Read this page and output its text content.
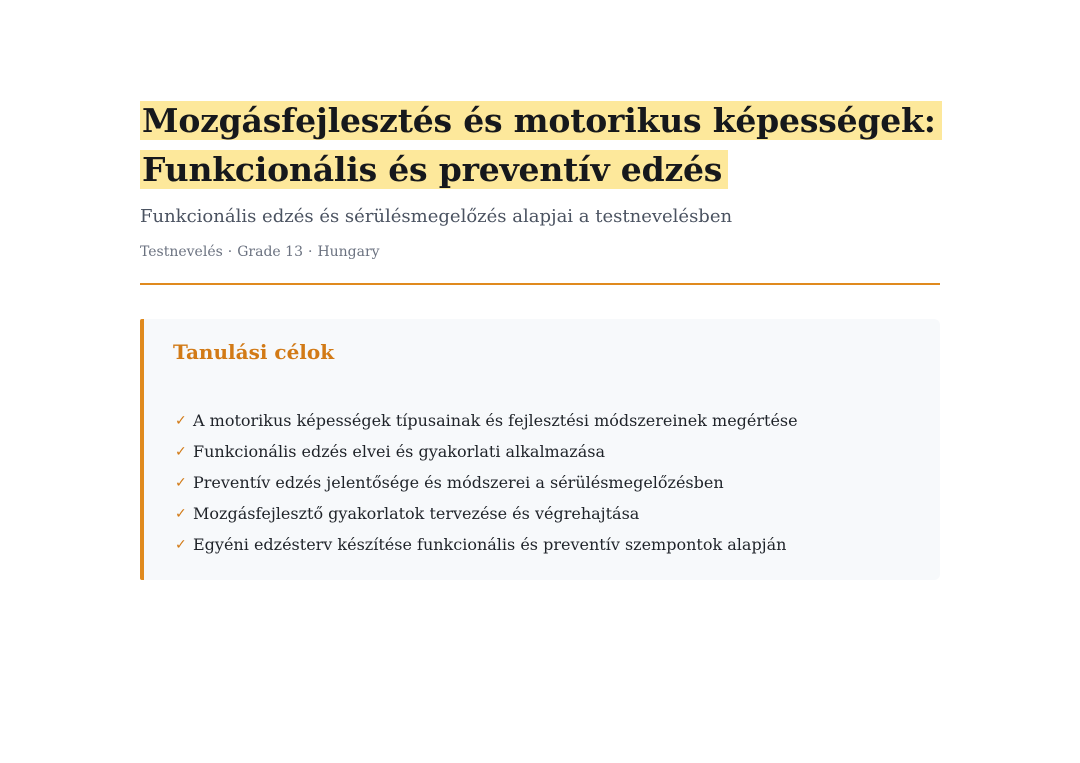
Mozgásfejlesztés és motorikus képességek:
Funkcionális és preventív edzés

Funkcionális edzés és sérülésmegelőzés alapjai a testnevelésben

Testnevelés · Grade 13 · Hungary
Tanulási célok
✓ A motorikus képességek típusainak és fejlesztési módszereinek megértése
✓ Funkcionális edzés elvei és gyakorlati alkalmazása
✓ Preventív edzés jelentősége és módszerei a sérülésmegelőzésben
✓ Mozgásfejlesztő gyakorlatok tervezése és végrehajtása
✓ Egyéni edzésterv készítése funkcionális és preventív szempontok alapján
